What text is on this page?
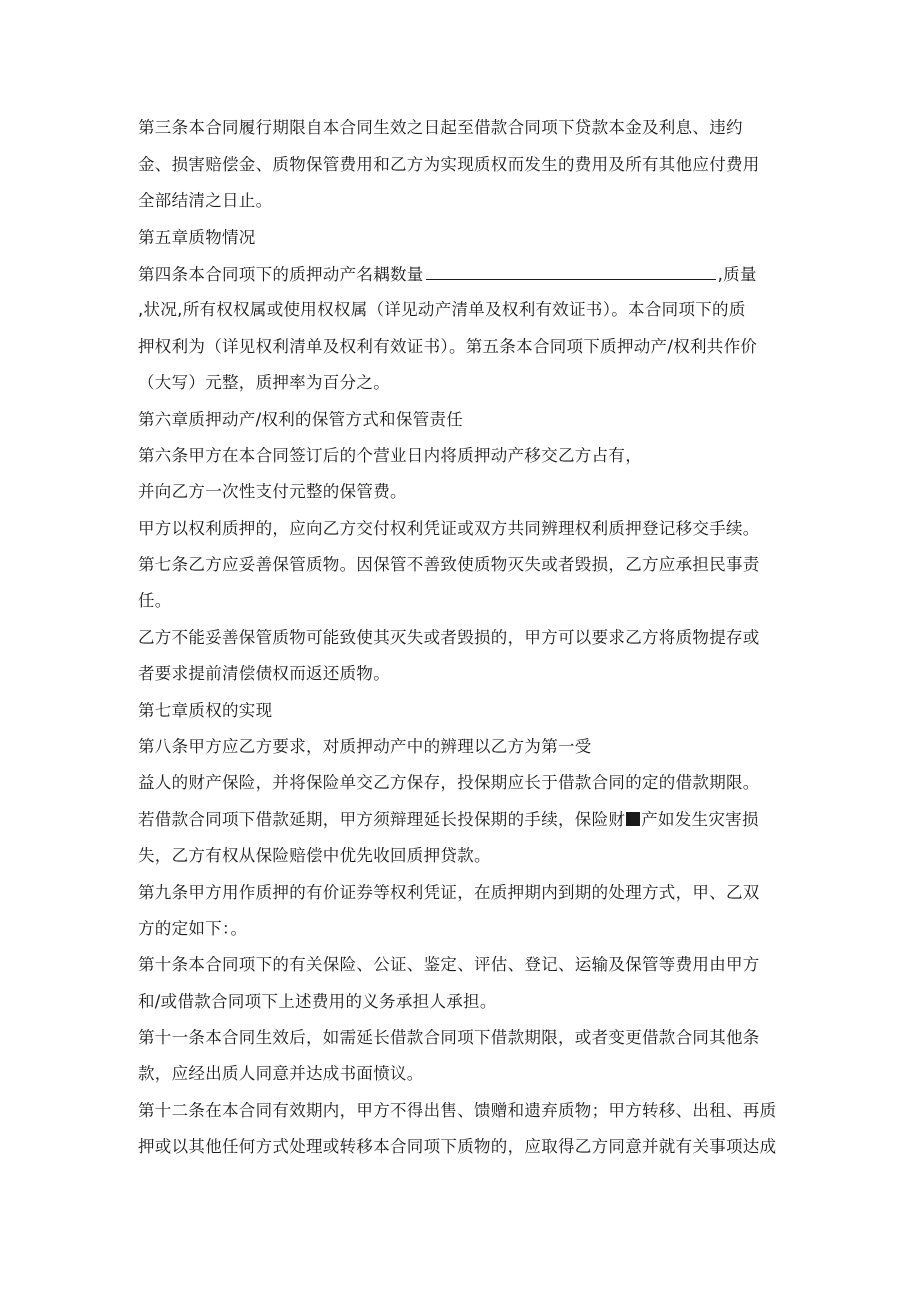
第三条本合同履行期限自本合同生效之日起至借款合同项下贷款本金及利息、违约

金、损害赔偿金、质物保管费用和乙方为实现质权而发生的费用及所有其他应付费用

全部结清之日止。

第五章质物情况

第四条本合同项下的质押动产名耦数量	,质量

,状况,所有权权属或使用权权属（详见动产清单及权利有效证书）。本合同项下的质

押权利为（详见权利清单及权利有效证书）。第五条本合同项下质押动产/权利共作价

（大写）元整，质押率为百分之。

第六章质押动产/权利的保管方式和保管责任

第六条甲方在本合同签订后的个营业日内将质押动产移交乙方占有，

并向乙方一次性支付元整的保管费。

甲方以权利质押的，应向乙方交付权利凭证或双方共同辨理权利质押登记移交手续。

第七条乙方应妥善保管质物。因保管不善致使质物灭失或者毁损，乙方应承担民事责

任。

乙方不能妥善保管质物可能致使其灭失或者毁损的，甲方可以要求乙方将质物提存或

者要求提前清偿债权而返还质物。

第七章质权的实现

第八条甲方应乙方要求，对质押动产中的辨理以乙方为第一受

益人的财产保险，并将保险单交乙方保存，投保期应长于借款合同的定的借款期限。

若借款合同项下借款延期，甲方须辩理延长投保期的手续，保险财 产如发生灾害损

失，乙方有权从保险赔偿中优先收回质押贷款。

第九条甲方用作质押的有价证券等权利凭证，在质押期内到期的处理方式，甲、乙双

方的定如下：。

第十条本合同项下的有关保险、公证、鉴定、评估、登记、运输及保管等费用由甲方

和/或借款合同项下上述费用的义务承担人承担。

第十一条本合同生效后，如需延长借款合同项下借款期限，或者变更借款合同其他条

款，应经出质人同意并达成书面愤议。

第十二条在本合同有效期内，甲方不得出售、馈赠和遗弃质物；甲方转移、出租、再质

押或以其他任何方式处理或转移本合同项下质物的，应取得乙方同意并就有关事项达成
